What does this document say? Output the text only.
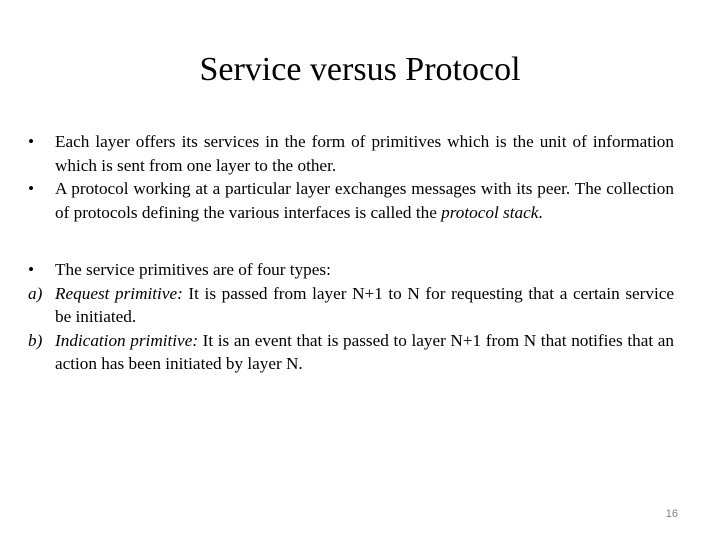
Service versus Protocol
•	Each layer offers its services in the form of primitives which is the unit of information which is sent from one layer to the other.
•	A protocol working at a particular layer exchanges messages with its peer. The collection of protocols defining the various interfaces is called the protocol stack.
•	The service primitives are of four types:
a) Request primitive: It is passed from layer N+1 to N for requesting that a certain service be initiated.
b) Indication primitive: It is an event that is passed to layer N+1 from N that notifies that an action has been initiated by layer N.
16
